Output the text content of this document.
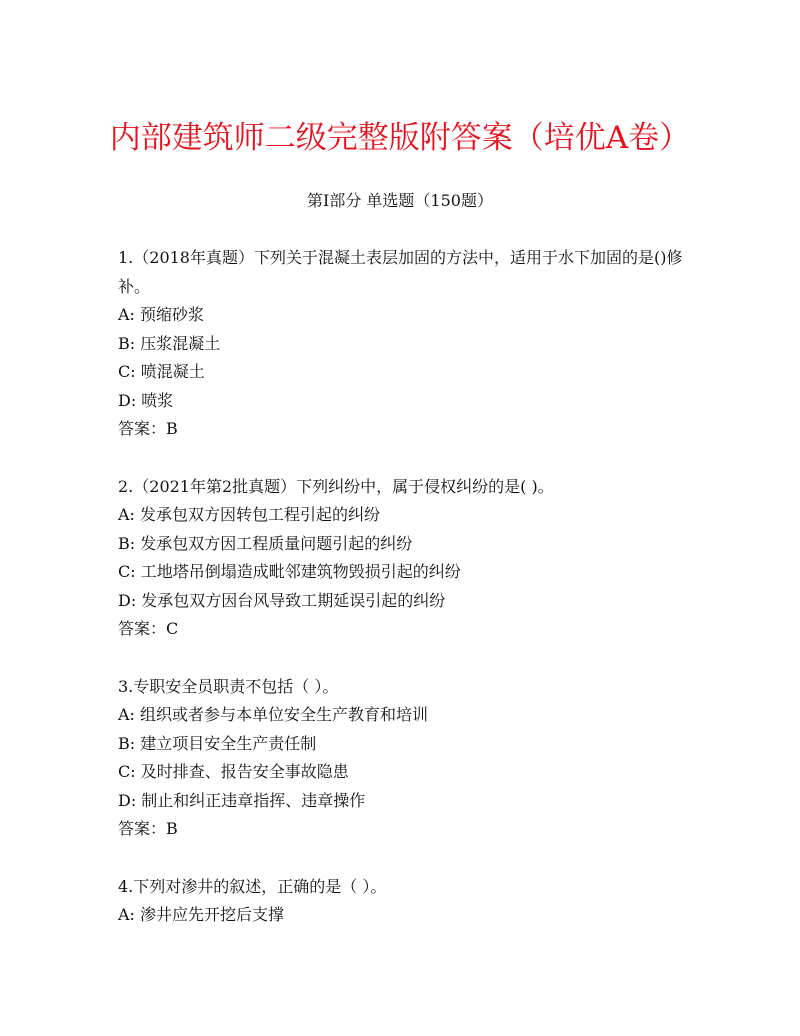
内部建筑师二级完整版附答案（培优A卷）
第I部分 单选题（150题）

1.（2018年真题）下列关于混凝土表层加固的方法中，适用于水下加固的是()修补。

A: 预缩砂浆

B: 压浆混凝土

C: 喷混凝土

D: 喷浆

答案：B

2.（2021年第2批真题）下列纠纷中，属于侵权纠纷的是( )。

A: 发承包双方因转包工程引起的纠纷

B: 发承包双方因工程质量问题引起的纠纷

C: 工地塔吊倒塌造成毗邻建筑物毁损引起的纠纷

D: 发承包双方因台风导致工期延误引起的纠纷

答案：C

3.专职安全员职责不包括（ ）。

A: 组织或者参与本单位安全生产教育和培训

B: 建立项目安全生产责任制

C: 及时排查、报告安全事故隐患

D: 制止和纠正违章指挥、违章操作

答案：B

4.下列对渗井的叙述，正确的是（ ）。

A: 渗井应先开挖后支撑
